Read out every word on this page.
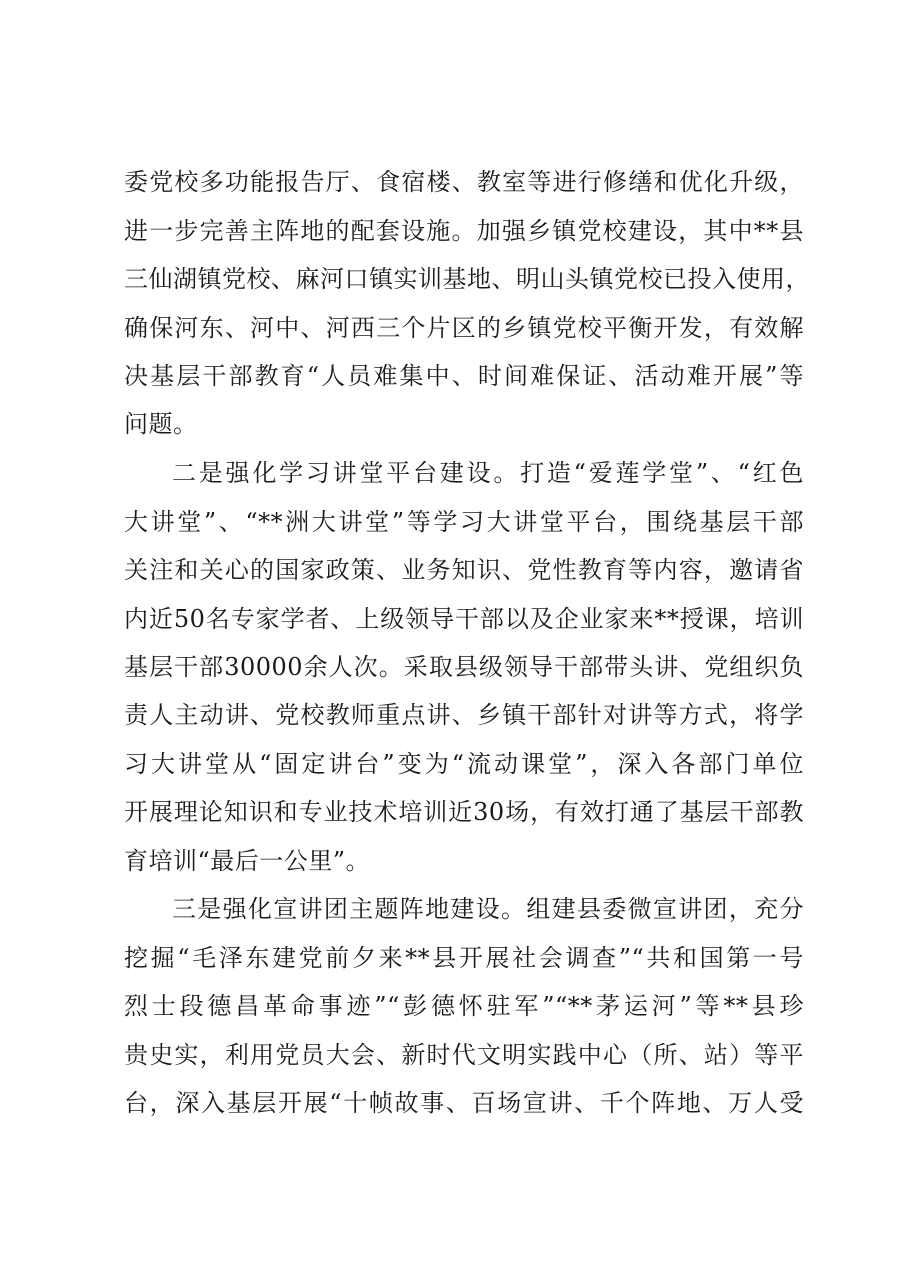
委党校多功能报告厅、食宿楼、教室等进行修缮和优化升级，
进一步完善主阵地的配套设施。加强乡镇党校建设，其中**县
三仙湖镇党校、麻河口镇实训基地、明山头镇党校已投入使用，
确保河东、河中、河西三个片区的乡镇党校平衡开发，有效解
决基层干部教育“人员难集中、时间难保证、活动难开展”等
问题。
二是强化学习讲堂平台建设。打造“爱莲学堂”、“红色
大讲堂”、“**洲大讲堂”等学习大讲堂平台，围绕基层干部
关注和关心的国家政策、业务知识、党性教育等内容，邀请省
内近50名专家学者、上级领导干部以及企业家来**授课，培训
基层干部30000余人次。采取县级领导干部带头讲、党组织负
责人主动讲、党校教师重点讲、乡镇干部针对讲等方式，将学
习大讲堂从“固定讲台”变为“流动课堂”，深入各部门单位
开展理论知识和专业技术培训近30场，有效打通了基层干部教
育培训“最后一公里”。
三是强化宣讲团主题阵地建设。组建县委微宣讲团，充分
挖掘“毛泽东建党前夕来**县开展社会调查”“共和国第一号
烈士段德昌革命事迹”“彭德怀驻军”“**茅运河”等**县珍
贵史实，利用党员大会、新时代文明实践中心（所、站）等平
台，深入基层开展“十帧故事、百场宣讲、千个阵地、万人受
